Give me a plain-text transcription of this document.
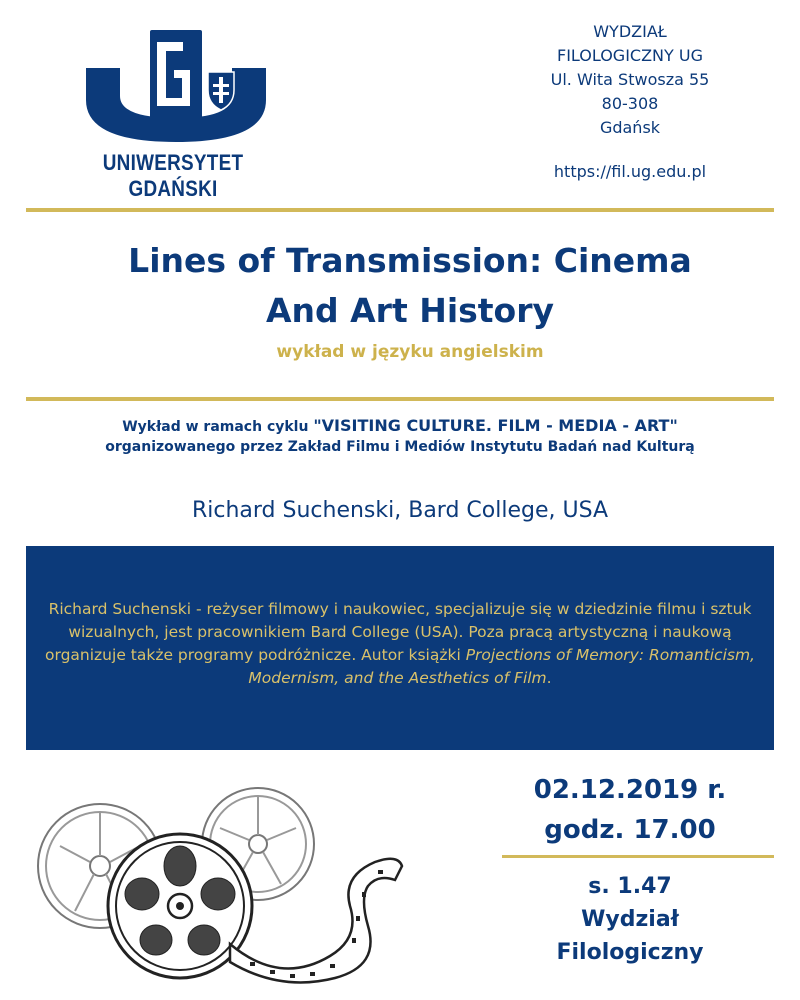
UNIWERSYTET GDAŃSKI
WYDZIAŁ
FILOLOGICZNY UG
Ul. Wita Stwosza 55
80-308
Gdańsk
https://fil.ug.edu.pl
Lines of Transmission: Cinema
And Art History
wykład w języku angielskim
Wykład w ramach cyklu "VISITING CULTURE. FILM - MEDIA - ART"
organizowanego przez Zakład Filmu i Mediów Instytutu Badań nad Kulturą
Richard Suchenski, Bard College, USA
Richard Suchenski - reżyser filmowy i naukowiec, specjalizuje się w dziedzinie filmu i sztuk wizualnych, jest pracownikiem Bard College (USA). Poza pracą artystyczną i naukową organizuje także programy podróżnicze. Autor książki Projections of Memory: Romanticism, Modernism, and the Aesthetics of Film.
02.12.2019 r.
godz. 17.00
s. 1.47
Wydział
Filologiczny
